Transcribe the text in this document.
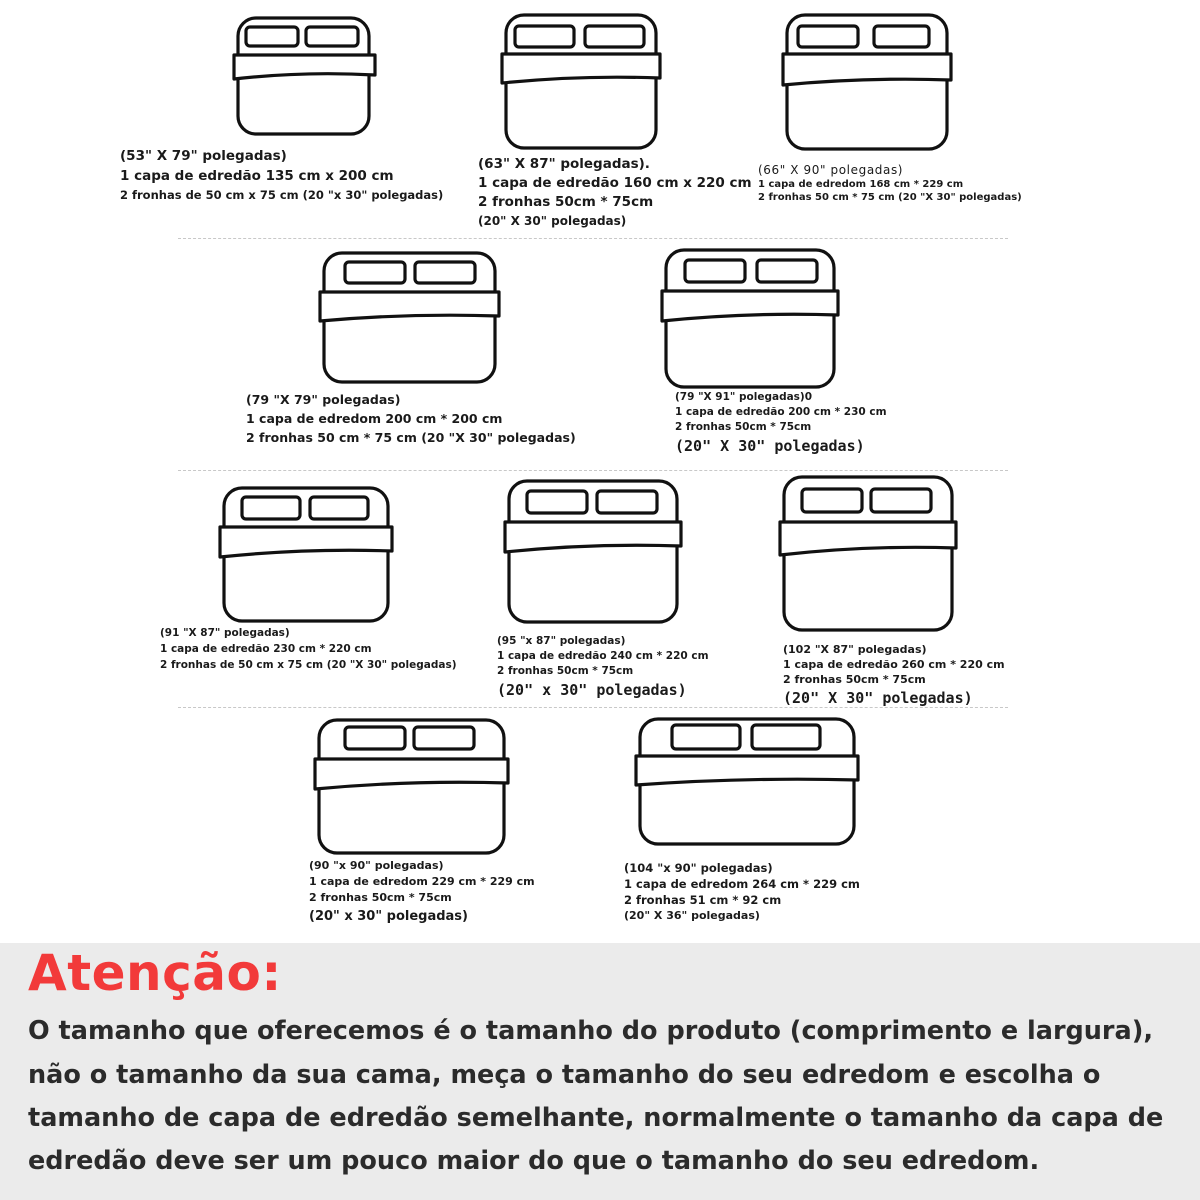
(53" X 79" polegadas)
1 capa de edredão 135 cm x 200 cm
2 fronhas de 50 cm x 75 cm (20 "x 30" polegadas)
(63" X 87" polegadas).
1 capa de edredão 160 cm x 220 cm
2 fronhas 50cm * 75cm
(20" X 30" polegadas)
(66" X 90" polegadas)
1 capa de edredom 168 cm * 229 cm
2 fronhas 50 cm * 75 cm (20 "X 30" polegadas)
(79 "X 79" polegadas)
1 capa de edredom 200 cm * 200 cm
2 fronhas 50 cm * 75 cm (20 "X 30" polegadas)
(79 "X 91" polegadas)0
1 capa de edredão 200 cm * 230 cm
2 fronhas 50cm * 75cm
(20" X 30" polegadas)
(91 "X 87" polegadas)
1 capa de edredão 230 cm * 220 cm
2 fronhas de 50 cm x 75 cm (20 "X 30" polegadas)
(95 "x 87" polegadas)
1 capa de edredão 240 cm * 220 cm
2 fronhas 50cm * 75cm
(20" x 30" polegadas)
(102 "X 87" polegadas)
1 capa de edredão 260 cm * 220 cm
2 fronhas 50cm * 75cm
(20" X 30" polegadas)
(90 "x 90" polegadas)
1 capa de edredom 229 cm * 229 cm
2 fronhas 50cm * 75cm
(20" x 30" polegadas)
(104 "x 90" polegadas)
1 capa de edredom 264 cm * 229 cm
2 fronhas 51 cm * 92 cm
(20" X 36" polegadas)
Atenção:
O tamanho que oferecemos é o tamanho do produto (comprimento e largura),
não o tamanho da sua cama, meça o tamanho do seu edredom e escolha o
tamanho de capa de edredão semelhante, normalmente o tamanho da capa de
edredão deve ser um pouco maior do que o tamanho do seu edredom.
